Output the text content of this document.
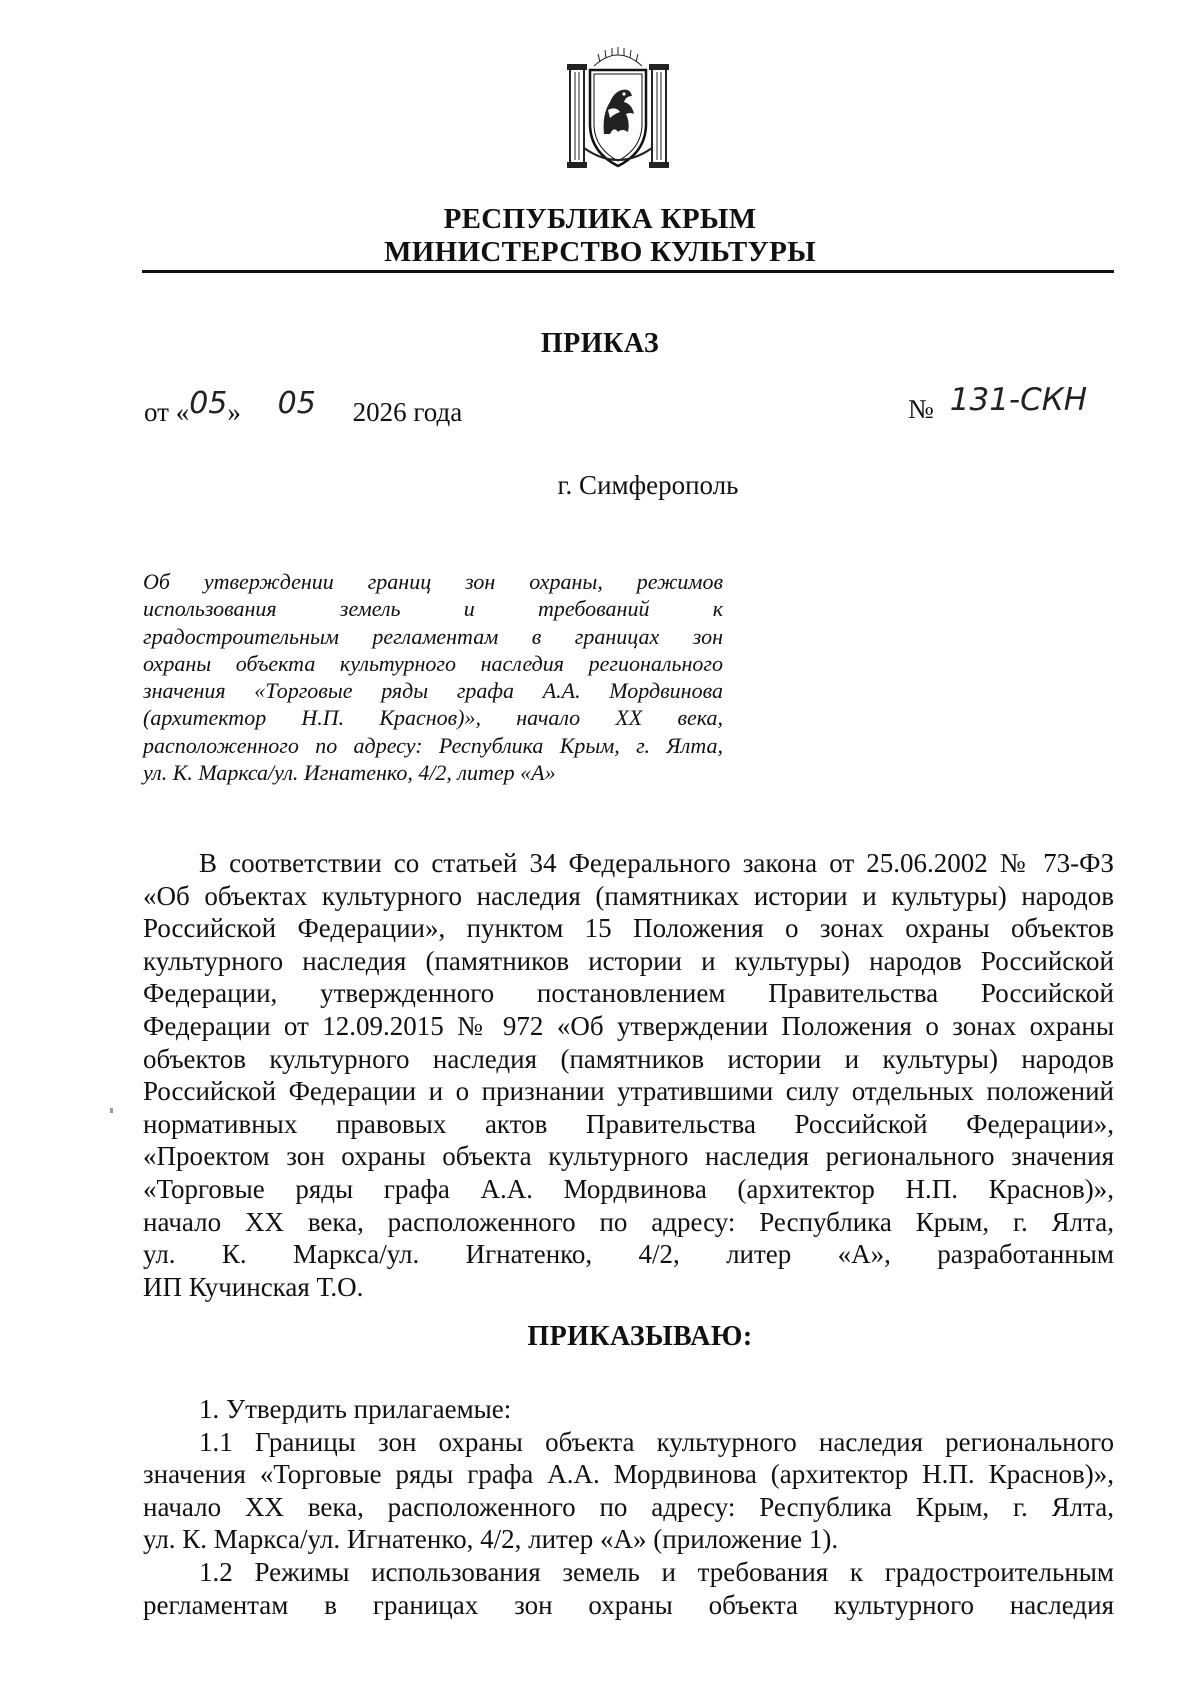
РЕСПУБЛИКА КРЫМ
МИНИСТЕРСТВО КУЛЬТУРЫ
ПРИКАЗ
от «05» 05 2026 года	№ 131-СКН
г. Симферополь
Об утверждении границ зон охраны, режимов
использования земель и требований к
градостроительным регламентам в границах зон
охраны объекта культурного наследия регионального
значения «Торговые ряды графа А.А. Мордвинова
(архитектор Н.П. Краснов)», начало XX века,
расположенного по адресу: Республика Крым, г. Ялта,
ул. К. Маркса/ул. Игнатенко, 4/2, литер «А»
В соответствии со статьей 34 Федерального закона от 25.06.2002 № 73-ФЗ
«Об объектах культурного наследия (памятниках истории и культуры) народов
Российской Федерации», пунктом 15 Положения о зонах охраны объектов
культурного наследия (памятников истории и культуры) народов Российской
Федерации, утвержденного постановлением Правительства Российской
Федерации от 12.09.2015 № 972 «Об утверждении Положения о зонах охраны
объектов культурного наследия (памятников истории и культуры) народов
Российской Федерации и о признании утратившими силу отдельных положений
нормативных правовых актов Правительства Российской Федерации»,
«Проектом зон охраны объекта культурного наследия регионального значения
«Торговые ряды графа А.А. Мордвинова (архитектор Н.П. Краснов)»,
начало XX века, расположенного по адресу: Республика Крым, г. Ялта,
ул. К. Маркса/ул. Игнатенко, 4/2, литер «А», разработанным
ИП Кучинская Т.О.
ПРИКАЗЫВАЮ:
1. Утвердить прилагаемые:
1.1 Границы зон охраны объекта культурного наследия регионального
значения «Торговые ряды графа А.А. Мордвинова (архитектор Н.П. Краснов)»,
начало XX века, расположенного по адресу: Республика Крым, г. Ялта,
ул. К. Маркса/ул. Игнатенко, 4/2, литер «А» (приложение 1).
1.2 Режимы использования земель и требования к градостроительным
регламентам в границах зон охраны объекта культурного наследия
